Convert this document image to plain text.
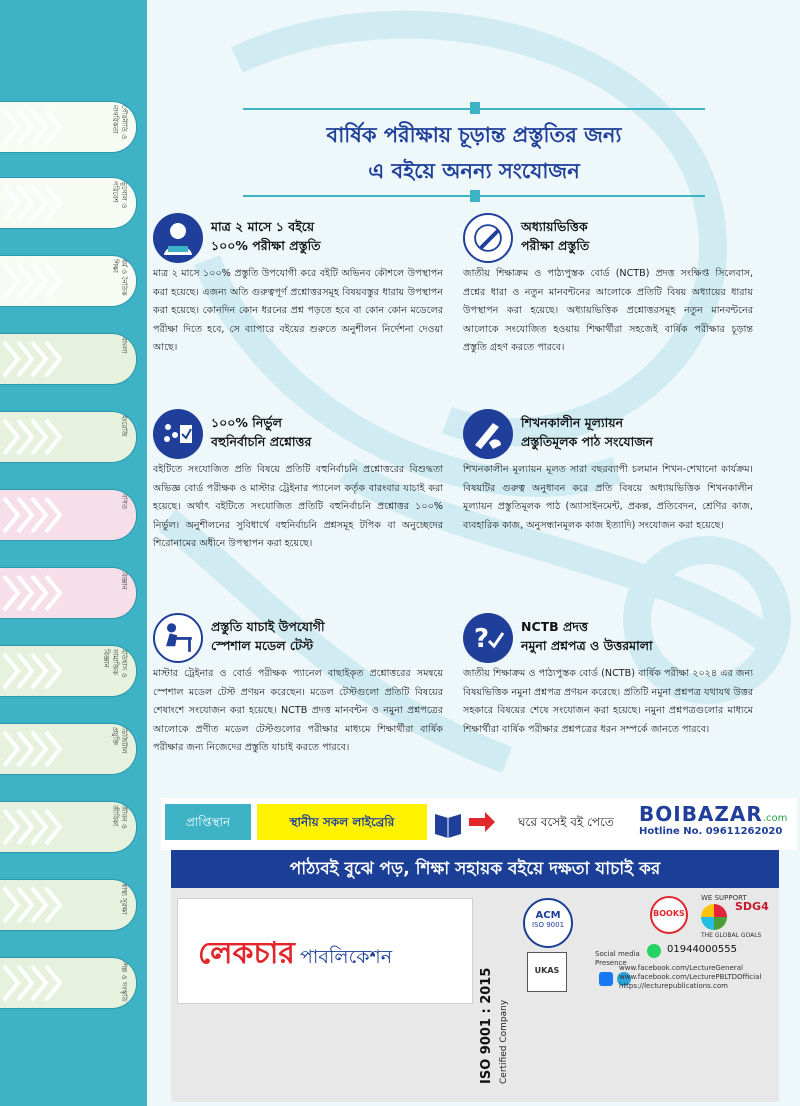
বার্ষিক পরীক্ষায় চূড়ান্ত প্রস্তুতির জন্য
এ বইয়ে অনন্য সংযোজন
মাত্র ২ মাসে ১ বইয়ে
১০০% পরীক্ষা প্রস্তুতি
মাত্র ২ মাসে ১০০% প্রস্তুতি উপযোগী করে বইটি অভিনব কৌশলে উপস্থাপন করা হয়েছে। এজন্য অতি গুরুত্বপূর্ণ প্রশ্নোত্তরসমূহ বিষয়বস্তুর ধারায় উপস্থাপন করা হয়েছে। কোনদিন কোন ধরনের প্রশ্ন পড়তে হবে বা কোন কোন মডেলের পরীক্ষা দিতে হবে, সে ব্যাপারে বইয়ের শুরুতে অনুশীলন নির্দেশনা দেওয়া আছে।
অধ্যায়ভিত্তিক
পরীক্ষা প্রস্তুতি
জাতীয় শিক্ষাক্রম ও পাঠ্যপুস্তক বোর্ড (NCTB) প্রদত্ত সংক্ষিপ্ত সিলেবাস, প্রশ্নের ধারা ও নতুন মানবন্টনের আলোকে প্রতিটি বিষয় অধ্যায়ের ধারায় উপস্থাপন করা হয়েছে। অধ্যায়ভিত্তিক প্রশ্নোত্তরসমূহ নতুন মানবন্টনের আলোকে সংযোজিত হওয়ায় শিক্ষার্থীরা সহজেই বার্ষিক পরীক্ষার চূড়ান্ত প্রস্তুতি গ্রহণ করতে পারবে।
১০০% নির্ভুল
বহুনির্বাচনি প্রশ্নোত্তর
বইটিতে সংযোজিত প্রতি বিষয়ে প্রতিটি বহুনির্বাচনি প্রশ্নোত্তরের বিশুদ্ধতা অভিজ্ঞ বোর্ড পরীক্ষক ও মাস্টার ট্রেইনার প্যানেল কর্তৃক বারংবার যাচাই করা হয়েছে। অর্থাৎ বইটিতে সংযোজিত প্রতিটি বহুনির্বাচনি প্রশ্নোত্তর ১০০% নির্ভুল। অনুশীলনের সুবিধার্থে বহুনির্বাচনি প্রশ্নসমূহ টপিক বা অনুচ্ছেদের শিরোনামের অধীনে উপস্থাপন করা হয়েছে।
শিখনকালীন মূল্যায়ন
প্রস্তুতিমূলক পাঠ সংযোজন
শিখনকালীন মূল্যায়ন মূলত সারা বছরব্যাপী চলমান শিখন-শেখানো কার্যক্রম। বিষয়টির গুরুত্ব অনুধাবন করে প্রতি বিষয়ে অধ্যায়ভিত্তিক শিখনকালীন মূল্যায়ন প্রস্তুতিমূলক পাঠ (অ্যাসাইনমেন্ট, প্রকল্প, প্রতিবেদন, শ্রেণির কাজ, ব্যবহারিক কাজ, অনুসন্ধানমূলক কাজ ইত্যাদি) সংযোজন করা হয়েছে।
প্রস্তুতি যাচাই উপযোগী
স্পেশাল মডেল টেস্ট
মাস্টার ট্রেইনার ও বোর্ড পরীক্ষক প্যানেল বাছাইকৃত প্রশ্নোত্তরের সমন্বয়ে স্পেশাল মডেল টেস্ট প্রণয়ন করেছেন। মডেল টেস্টগুলো প্রতিটি বিষয়ের শেষাংশে সংযোজন করা হয়েছে। NCTB প্রদত্ত মানবন্টন ও নমুনা প্রশ্নপত্রের আলোকে প্রণীত মডেল টেস্টগুলোর পরীক্ষার মাধ্যমে শিক্ষার্থীরা বার্ষিক পরীক্ষার জন্য নিজেদের প্রস্তুতি যাচাই করতে পারবে।
?	NCTB প্রদত্ত
নমুনা প্রশ্নপত্র ও উত্তরমালা
জাতীয় শিক্ষাক্রম ও পাঠ্যপুস্তক বোর্ড (NCTB) বার্ষিক পরীক্ষা ২০২৪ এর জন্য বিষয়ভিত্তিক নমুনা প্রশ্নপত্র প্রণয়ন করেছে। প্রতিটি নমুনা প্রশ্নপত্র যথাযথ উত্তর সহকারে বিষয়ের শেষে সংযোজন করা হয়েছে। নমুনা প্রশ্নপত্রগুলোর মাধ্যমে শিক্ষার্থীরা বার্ষিক পরীক্ষার প্রশ্নপত্রের ধরন সম্পর্কে জানতে পারবে।
প্রাপ্তিস্থান	স্থানীয় সকল লাইব্রেরি	ঘরে বসেই বই পেতে	BOIBAZAR.com
Hotline No. 09611262020
পাঠ্যবই বুঝে পড়, শিক্ষা সহায়ক বইয়ে দক্ষতা যাচাই কর
লেকচার পাবলিকেশন
ISO 9001 : 2015 Certified Company
ACM
ISO 9001
UKAS
Social media
Presence
BOOKS
WE SUPPORT
SDG4
THE GLOBAL GOALS
01944000555
www.facebook.com/LectureGeneral
www.facebook.com/LecturePBLTDOfficial
https://lecturepublications.com
পৌরনীতি ও নাগরিকতা
ভূগোল ও পরিবেশ
ধর্ম ও নৈতিক শিক্ষা
বাংলা
ইংরেজি
গণিত
বিজ্ঞান
ইতিহাস ও সামাজিক বিজ্ঞান
ডিজিটাল প্রযুক্তি
জীবন ও জীবিকা
স্বাস্থ্য সুরক্ষা
শিল্প ও সংস্কৃতি
